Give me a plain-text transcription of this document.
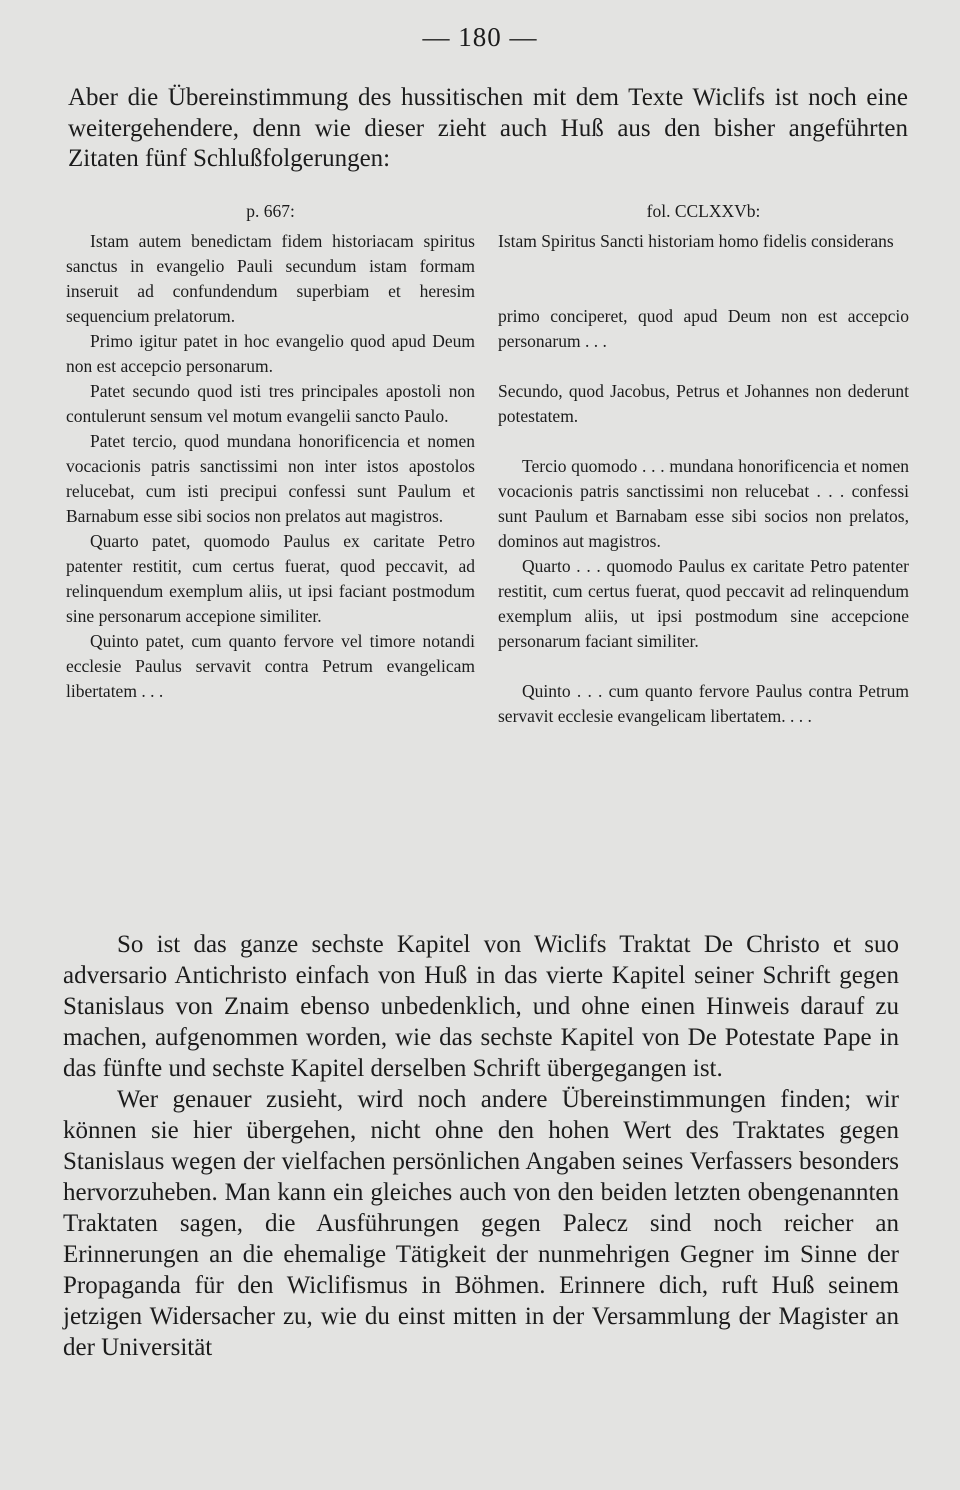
— 180 —

Aber die Übereinstimmung des hussitischen mit dem Texte Wiclifs ist noch eine weitergehendere, denn wie dieser zieht auch Huß aus den bisher angeführten Zitaten fünf Schlußfolgerungen:

p. 667:

Istam autem benedictam fidem historiacam spiritus sanctus in evangelio Pauli secundum istam formam inseruit ad confundendum superbiam et heresim sequencium prelatorum.

Primo igitur patet in hoc evangelio quod apud Deum non est accepcio personarum.

Patet secundo quod isti tres principales apostoli non contulerunt sensum vel motum evangelii sancto Paulo.

Patet tercio, quod mundana honorificencia et nomen vocacionis patris sanctissimi non inter istos apostolos relucebat, cum isti precipui confessi sunt Paulum et Barnabum esse sibi socios non prelatos aut magistros.

Quarto patet, quomodo Paulus ex caritate Petro patenter restitit, cum certus fuerat, quod peccavit, ad relinquendum exemplum aliis, ut ipsi faciant postmodum sine personarum accepione similiter.

Quinto patet, cum quanto fervore vel timore notandi ecclesie Paulus servavit contra Petrum evangelicam libertatem . . .

fol. CCLXXVb:

Istam Spiritus Sancti historiam homo fidelis considerans

primo conciperet, quod apud Deum non est accepcio personarum . . .

Secundo, quod Jacobus, Petrus et Johannes non dederunt potestatem.

Tercio quomodo . . . mundana honorificencia et nomen vocacionis patris sanctissimi non relucebat . . . confessi sunt Paulum et Barnabam esse sibi socios non prelatos, dominos aut magistros.

Quarto . . . quomodo Paulus ex caritate Petro patenter restitit, cum certus fuerat, quod peccavit ad relinquendum exemplum aliis, ut ipsi postmodum sine accepcione personarum faciant similiter.

Quinto . . . cum quanto fervore Paulus contra Petrum servavit ecclesie evangelicam libertatem. . . .

So ist das ganze sechste Kapitel von Wiclifs Traktat De Christo et suo adversario Antichristo einfach von Huß in das vierte Kapitel seiner Schrift gegen Stanislaus von Znaim ebenso unbedenklich, und ohne einen Hinweis darauf zu machen, aufgenommen worden, wie das sechste Kapitel von De Potestate Pape in das fünfte und sechste Kapitel derselben Schrift übergegangen ist.

Wer genauer zusieht, wird noch andere Übereinstimmungen finden; wir können sie hier übergehen, nicht ohne den hohen Wert des Traktates gegen Stanislaus wegen der vielfachen persönlichen Angaben seines Verfassers besonders hervorzuheben. Man kann ein gleiches auch von den beiden letzten obengenannten Traktaten sagen, die Ausführungen gegen Palecz sind noch reicher an Erinnerungen an die ehemalige Tätigkeit der nunmehrigen Gegner im Sinne der Propaganda für den Wiclifismus in Böhmen. Erinnere dich, ruft Huß seinem jetzigen Widersacher zu, wie du einst mitten in der Versammlung der Magister an der Universität
